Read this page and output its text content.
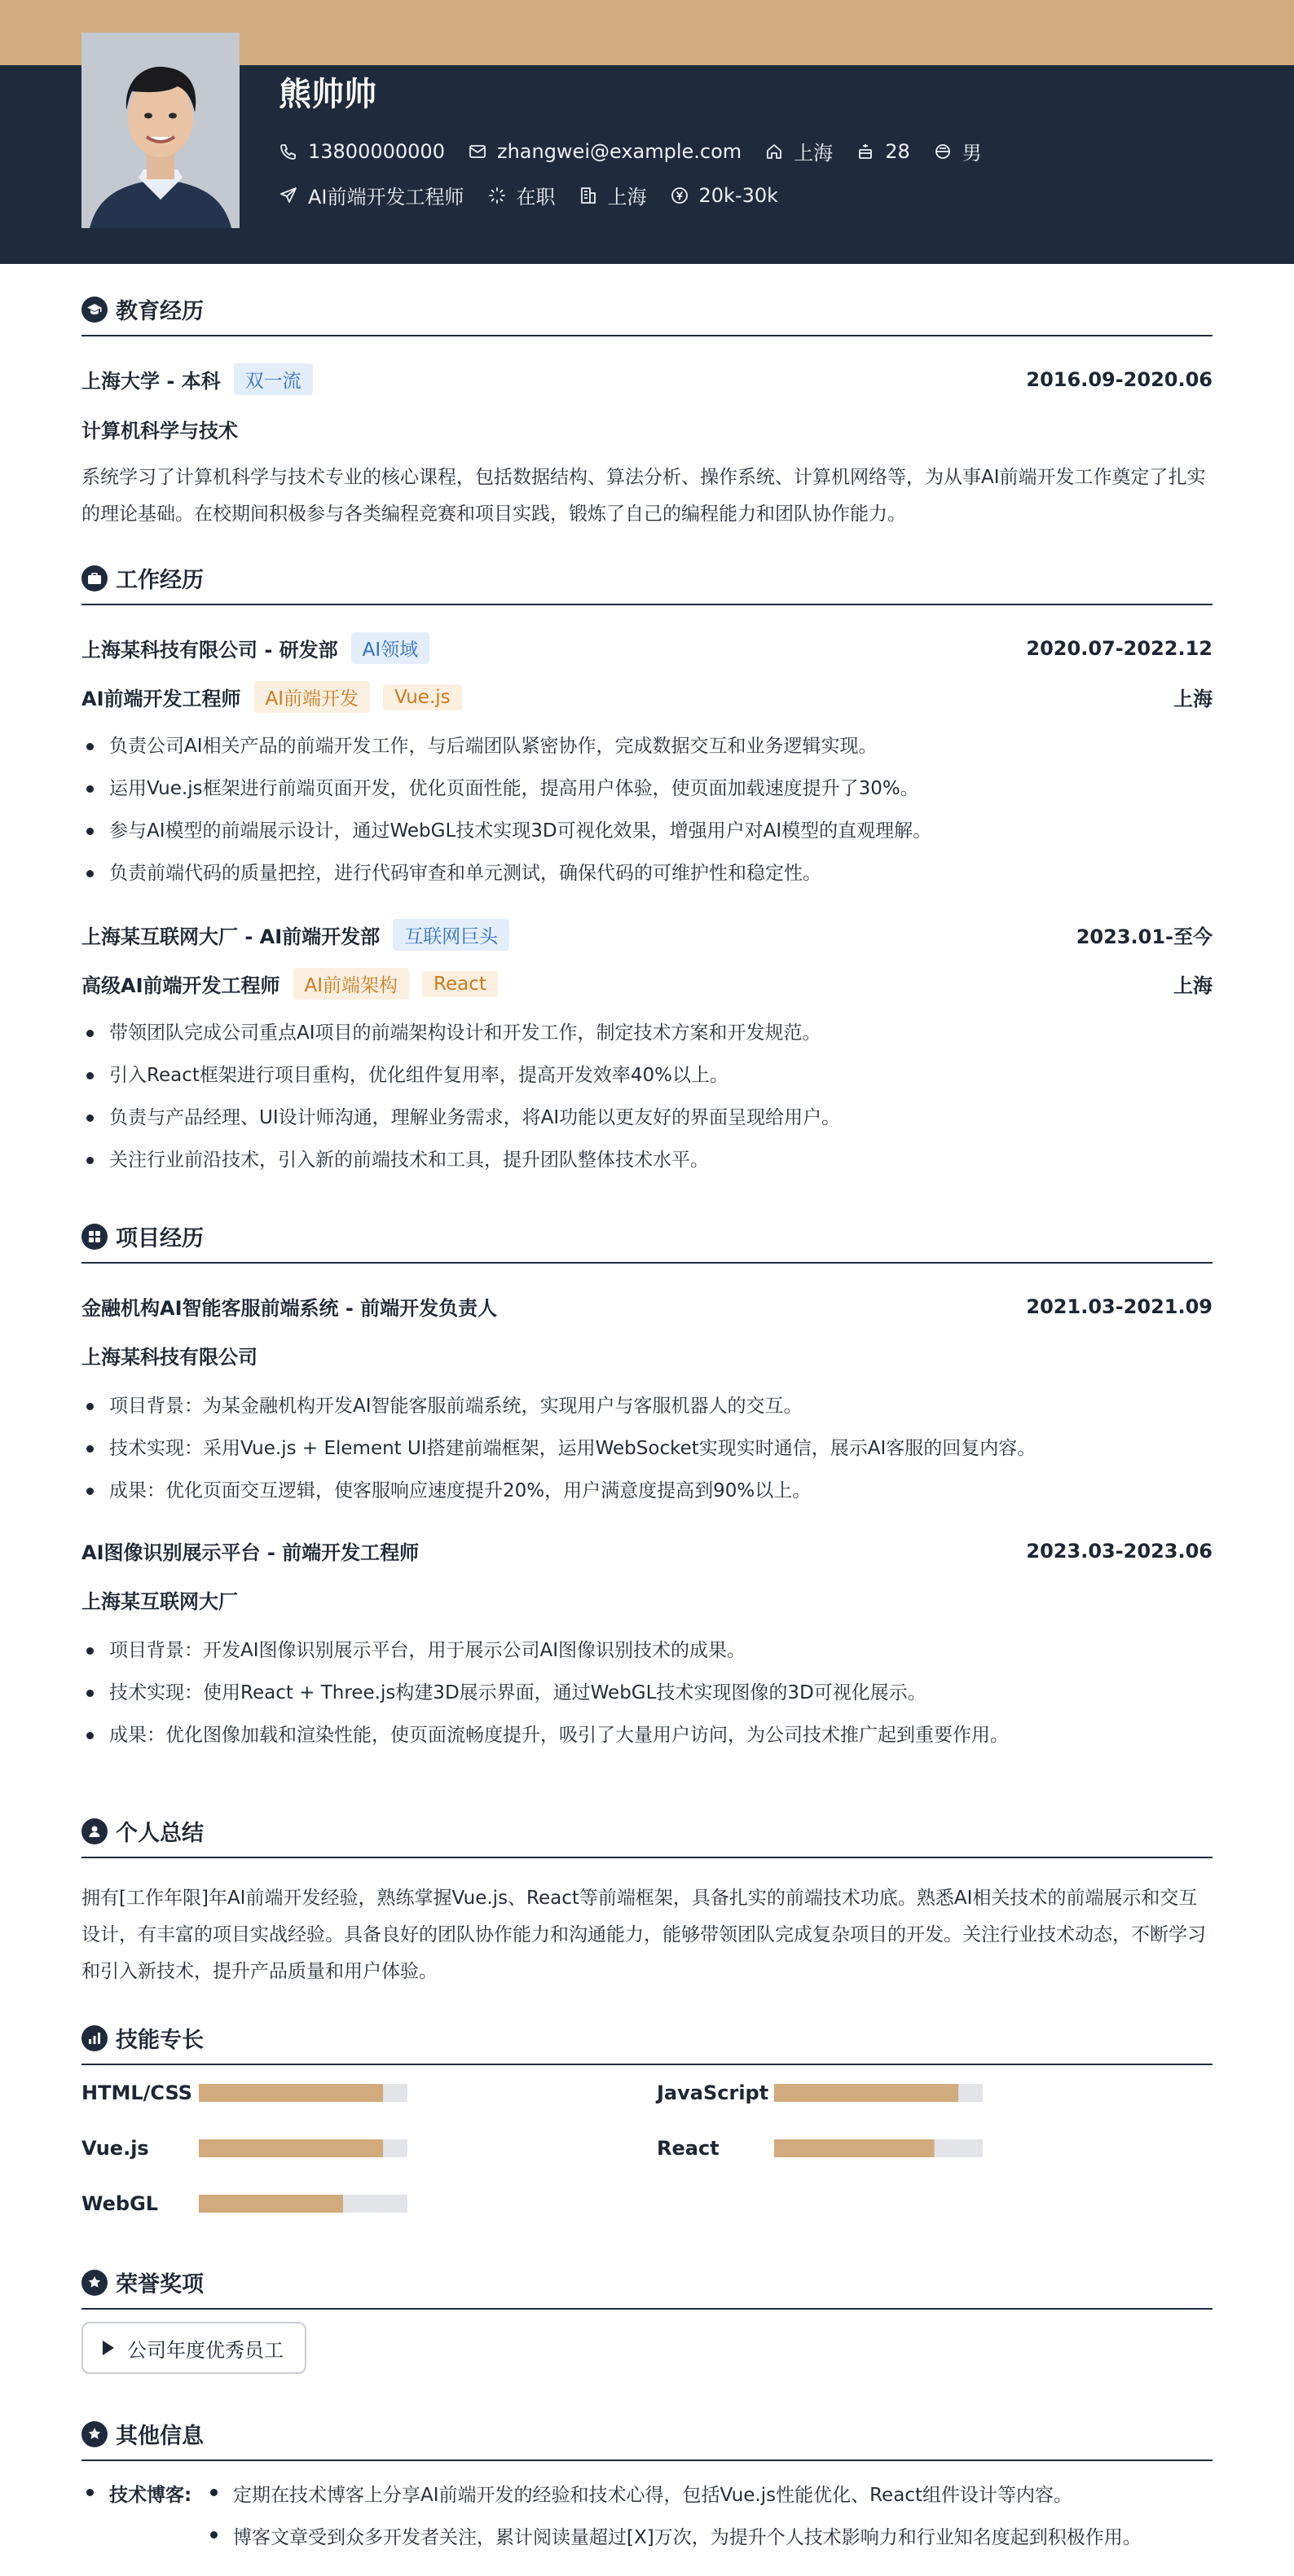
熊帅帅
13800000000	zhangwei@example.com	上海	28	男
AI前端开发工程师	在职	上海	20k-30k
教育经历
上海大学 - 本科	双一流	2016.09-2020.06
计算机科学与技术
系统学习了计算机科学与技术专业的核心课程，包括数据结构、算法分析、操作系统、计算机网络等，为从事AI前端开发工作奠定了扎实的理论基础。在校期间积极参与各类编程竞赛和项目实践，锻炼了自己的编程能力和团队协作能力。
工作经历
上海某科技有限公司 - 研发部	AI领域	2020.07-2022.12
AI前端开发工程师	AI前端开发	Vue.js	上海
负责公司AI相关产品的前端开发工作，与后端团队紧密协作，完成数据交互和业务逻辑实现。
运用Vue.js框架进行前端页面开发，优化页面性能，提高用户体验，使页面加载速度提升了30%。
参与AI模型的前端展示设计，通过WebGL技术实现3D可视化效果，增强用户对AI模型的直观理解。
负责前端代码的质量把控，进行代码审查和单元测试，确保代码的可维护性和稳定性。
上海某互联网大厂 - AI前端开发部	互联网巨头	2023.01-至今
高级AI前端开发工程师	AI前端架构	React	上海
带领团队完成公司重点AI项目的前端架构设计和开发工作，制定技术方案和开发规范。
引入React框架进行项目重构，优化组件复用率，提高开发效率40%以上。
负责与产品经理、UI设计师沟通，理解业务需求，将AI功能以更友好的界面呈现给用户。
关注行业前沿技术，引入新的前端技术和工具，提升团队整体技术水平。
项目经历
金融机构AI智能客服前端系统 - 前端开发负责人	2021.03-2021.09
上海某科技有限公司
项目背景：为某金融机构开发AI智能客服前端系统，实现用户与客服机器人的交互。
技术实现：采用Vue.js + Element UI搭建前端框架，运用WebSocket实现实时通信，展示AI客服的回复内容。
成果：优化页面交互逻辑，使客服响应速度提升20%，用户满意度提高到90%以上。
AI图像识别展示平台 - 前端开发工程师	2023.03-2023.06
上海某互联网大厂
项目背景：开发AI图像识别展示平台，用于展示公司AI图像识别技术的成果。
技术实现：使用React + Three.js构建3D展示界面，通过WebGL技术实现图像的3D可视化展示。
成果：优化图像加载和渲染性能，使页面流畅度提升，吸引了大量用户访问，为公司技术推广起到重要作用。
个人总结
拥有[工作年限]年AI前端开发经验，熟练掌握Vue.js、React等前端框架，具备扎实的前端技术功底。熟悉AI相关技术的前端展示和交互设计，有丰富的项目实战经验。具备良好的团队协作能力和沟通能力，能够带领团队完成复杂项目的开发。关注行业技术动态，不断学习和引入新技术，提升产品质量和用户体验。
技能专长
HTML/CSS	JavaScript
Vue.js	React
WebGL
荣誉奖项
公司年度优秀员工
其他信息
技术博客:	定期在技术博客上分享AI前端开发的经验和技术心得，包括Vue.js性能优化、React组件设计等内容。
博客文章受到众多开发者关注，累计阅读量超过[X]万次，为提升个人技术影响力和行业知名度起到积极作用。
